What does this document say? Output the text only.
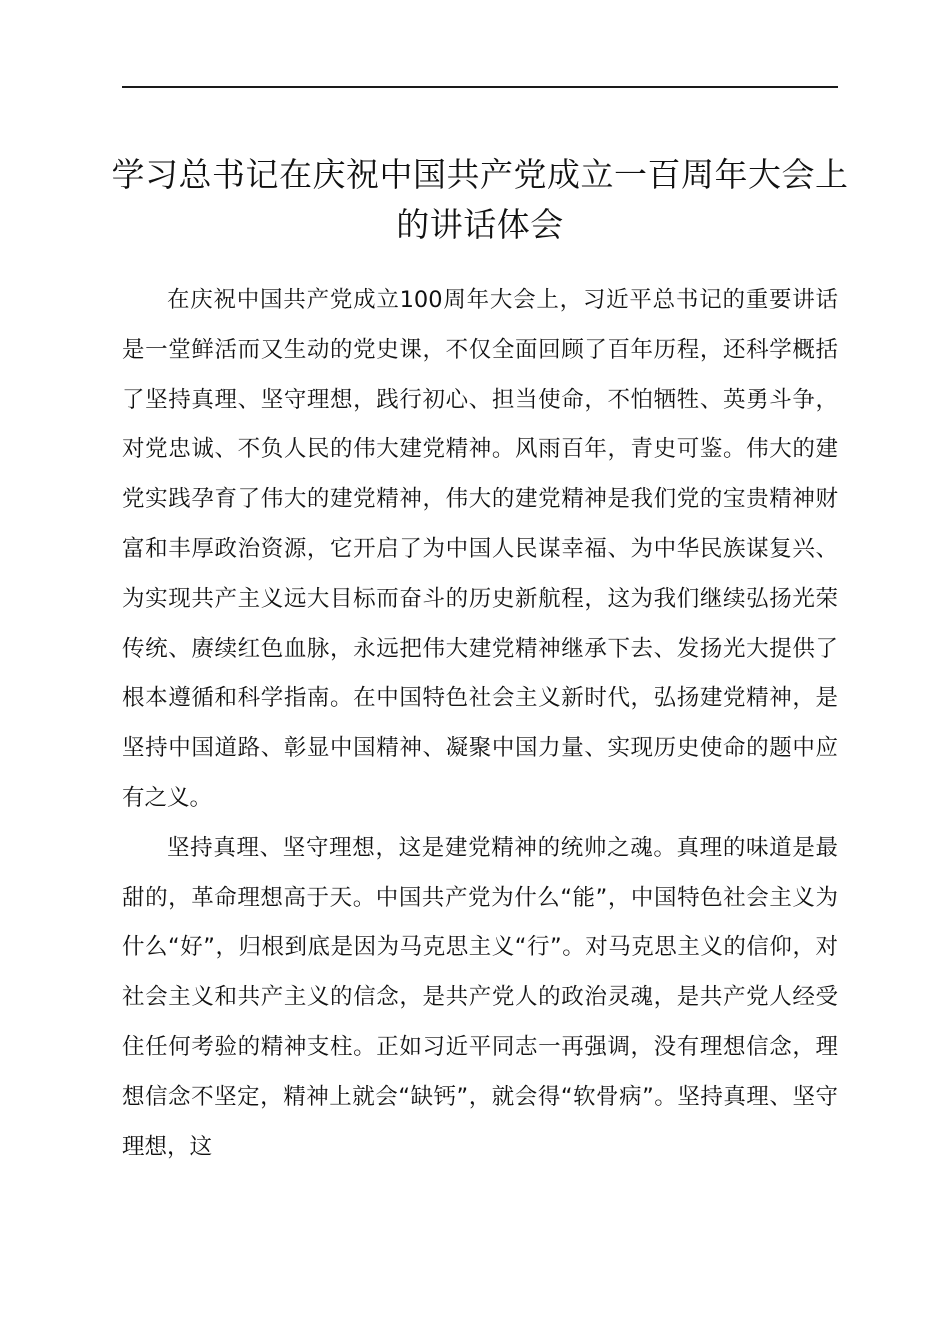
学习总书记在庆祝中国共产党成立一百周年大会上的讲话体会

在庆祝中国共产党成立100周年大会上，习近平总书记的重要讲话是一堂鲜活而又生动的党史课，不仅全面回顾了百年历程，还科学概括了坚持真理、坚守理想，践行初心、担当使命，不怕牺牲、英勇斗争，对党忠诚、不负人民的伟大建党精神。风雨百年，青史可鉴。伟大的建党实践孕育了伟大的建党精神，伟大的建党精神是我们党的宝贵精神财富和丰厚政治资源，它开启了为中国人民谋幸福、为中华民族谋复兴、为实现共产主义远大目标而奋斗的历史新航程，这为我们继续弘扬光荣传统、赓续红色血脉，永远把伟大建党精神继承下去、发扬光大提供了根本遵循和科学指南。在中国特色社会主义新时代，弘扬建党精神，是坚持中国道路、彰显中国精神、凝聚中国力量、实现历史使命的题中应有之义。

坚持真理、坚守理想，这是建党精神的统帅之魂。真理的味道是最甜的，革命理想高于天。中国共产党为什么“能”，中国特色社会主义为什么“好”，归根到底是因为马克思主义“行”。对马克思主义的信仰，对社会主义和共产主义的信念，是共产党人的政治灵魂，是共产党人经受住任何考验的精神支柱。正如习近平同志一再强调，没有理想信念，理想信念不坚定，精神上就会“缺钙”，就会得“软骨病”。坚持真理、坚守理想，这
